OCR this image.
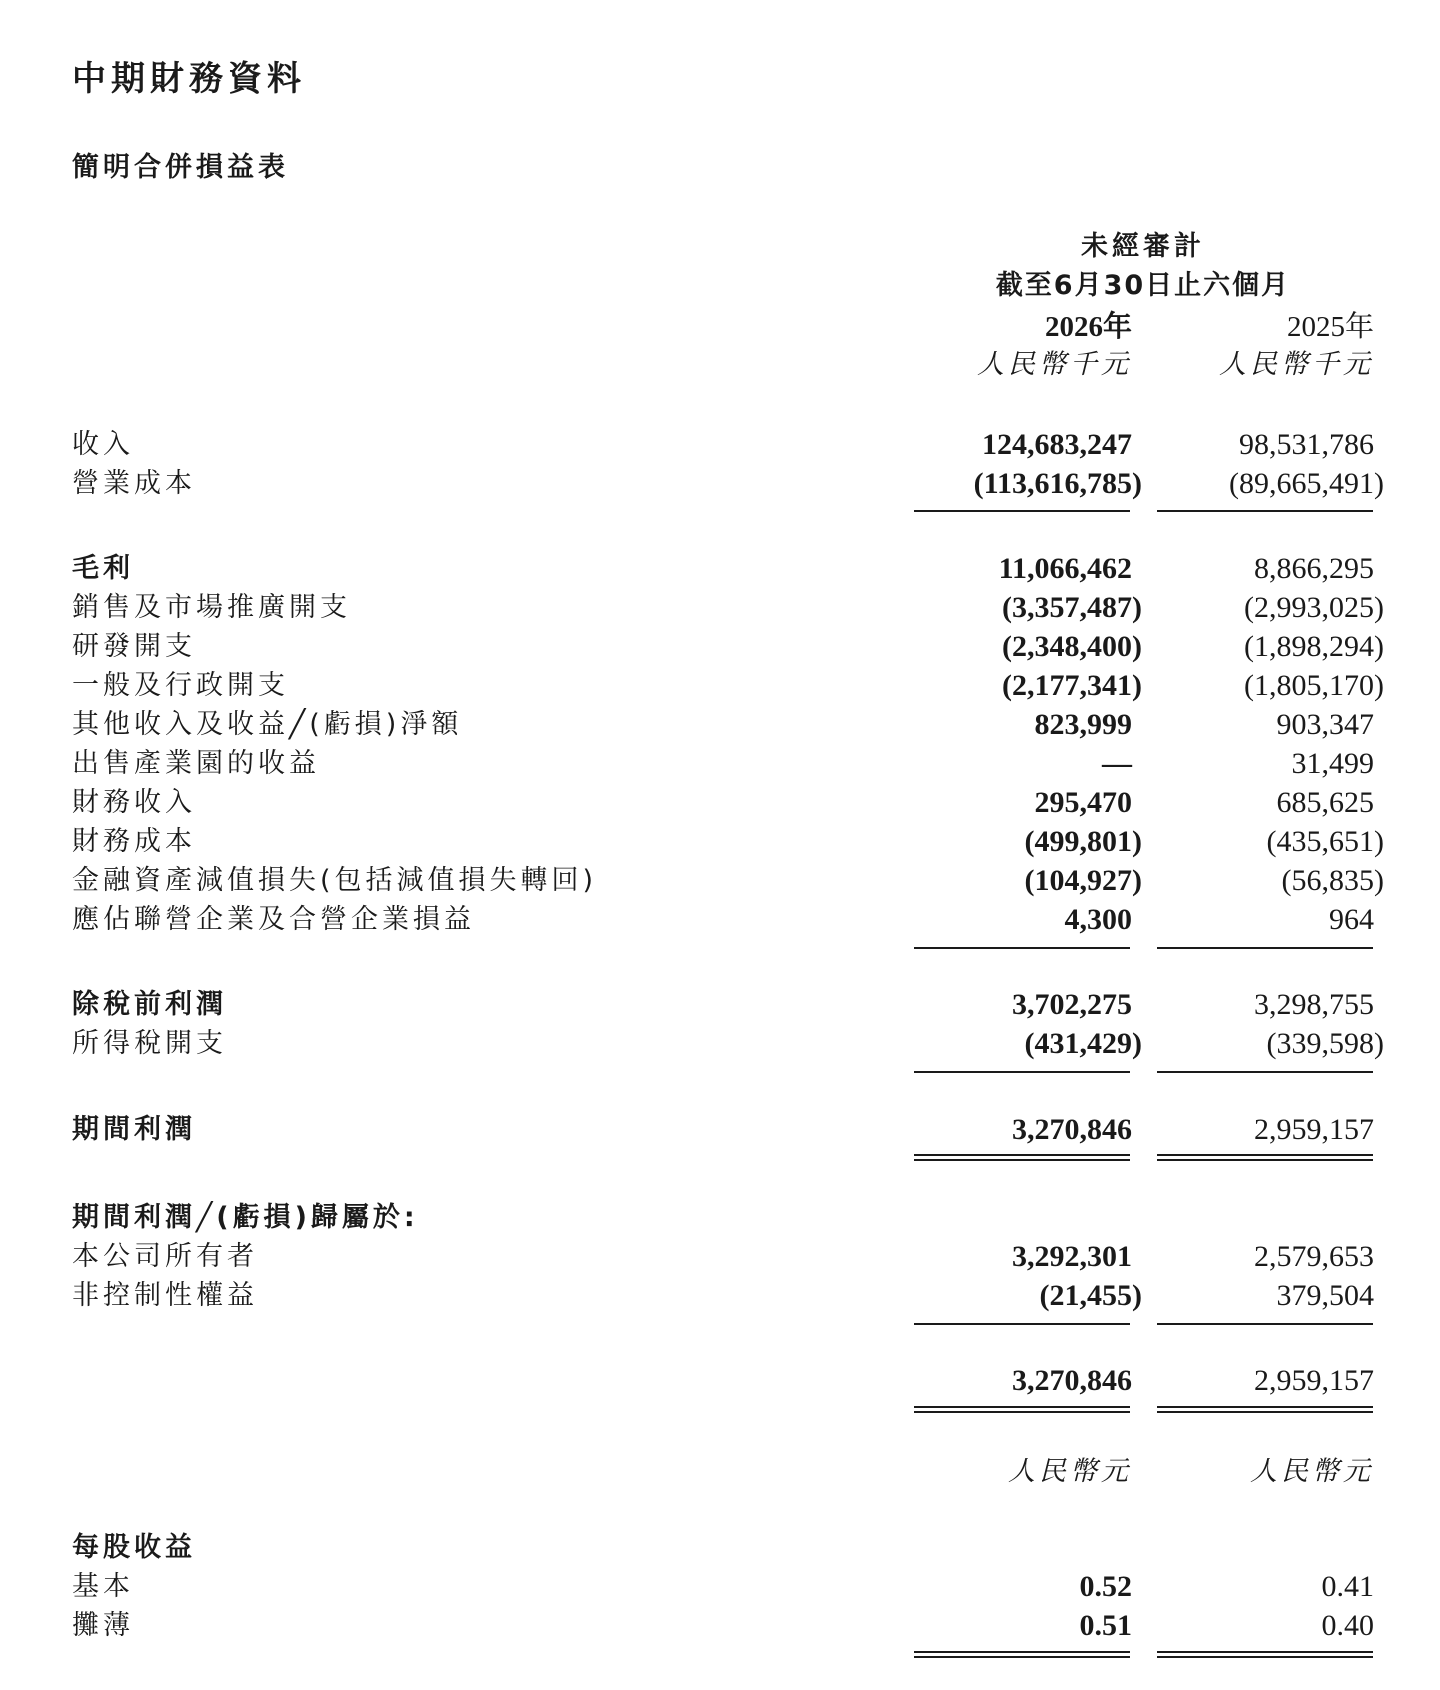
中期財務資料
簡明合併損益表
未經審計
截至6月30日止六個月
2026年	2025年
人民幣千元	人民幣千元
收入	124,683,247	98,531,786
營業成本	(113,616,785)	(89,665,491)
毛利	11,066,462	8,866,295
銷售及市場推廣開支	(3,357,487)	(2,993,025)
研發開支	(2,348,400)	(1,898,294)
一般及行政開支	(2,177,341)	(1,805,170)
其他收入及收益╱(虧損)淨額	823,999	903,347
出售產業園的收益	—	31,499
財務收入	295,470	685,625
財務成本	(499,801)	(435,651)
金融資產減值損失(包括減值損失轉回)	(104,927)	(56,835)
應佔聯營企業及合營企業損益	4,300	964
除稅前利潤	3,702,275	3,298,755
所得稅開支	(431,429)	(339,598)
期間利潤	3,270,846	2,959,157
期間利潤╱(虧損)歸屬於:
本公司所有者	3,292,301	2,579,653
非控制性權益	(21,455)	379,504
3,270,846	2,959,157
人民幣元	人民幣元
每股收益
基本	0.52	0.41
攤薄	0.51	0.40
